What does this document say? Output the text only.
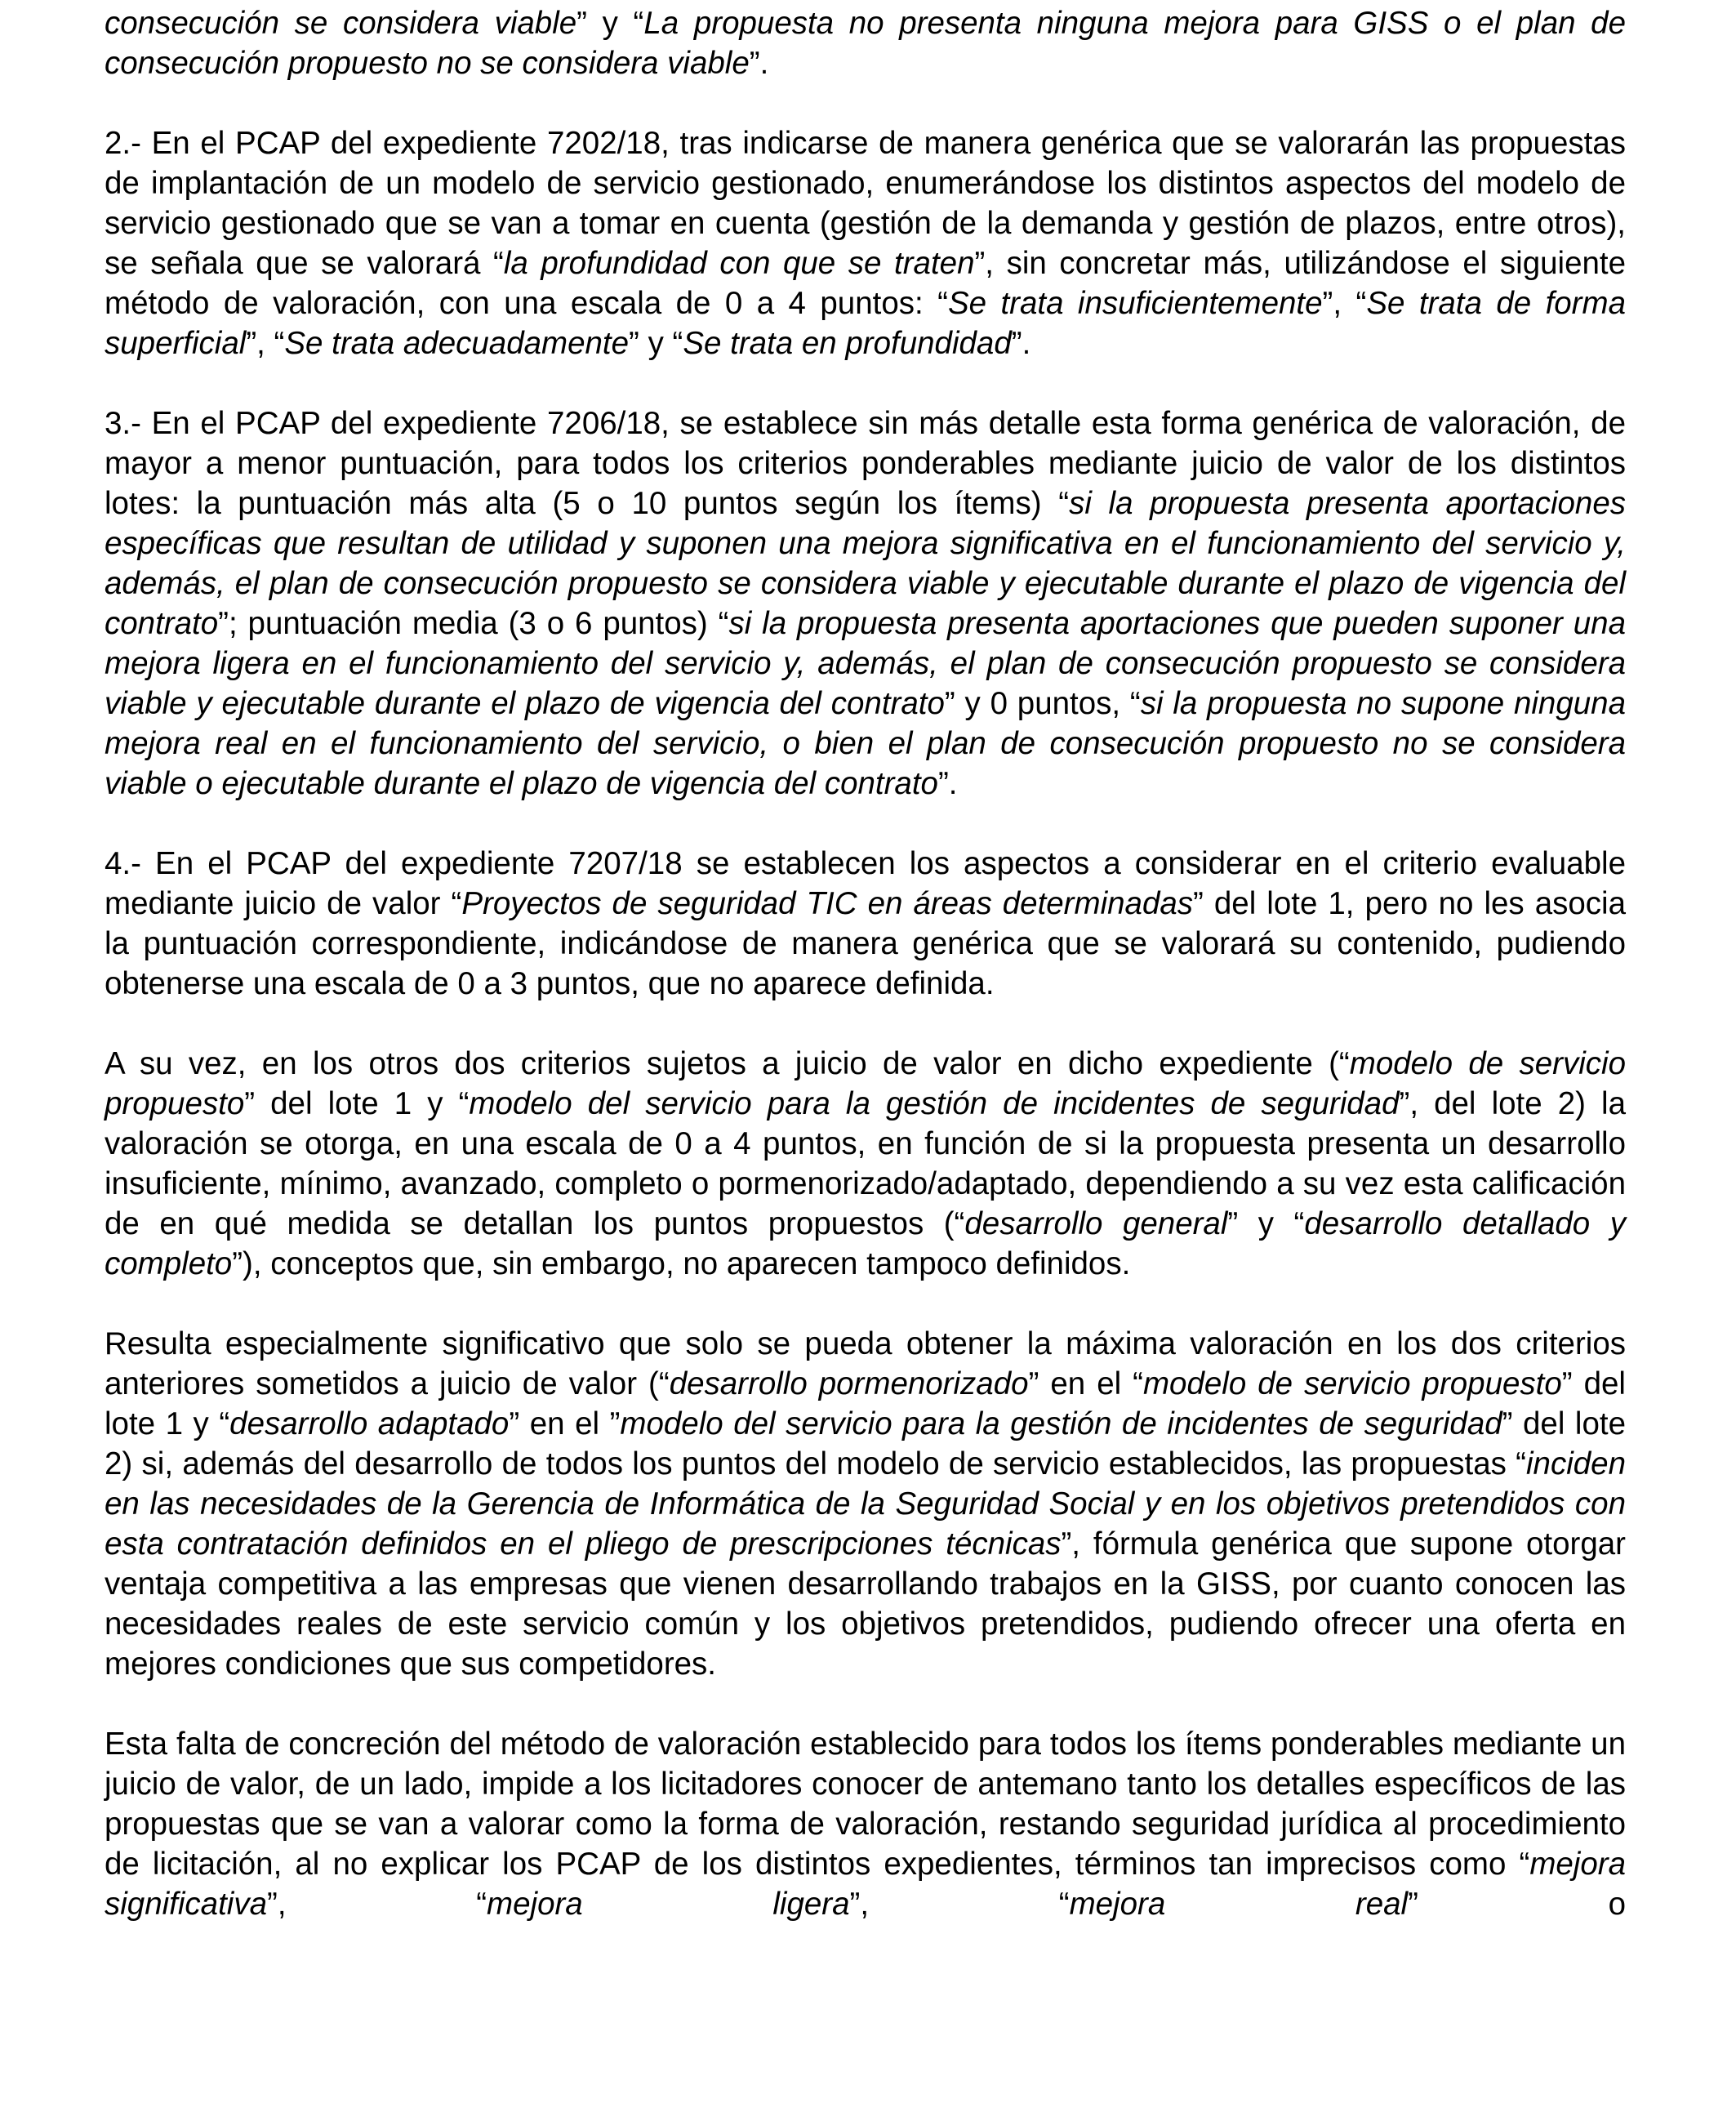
consecución se considera viable” y “La propuesta no presenta ninguna mejora para GISS o el plan de consecución propuesto no se considera viable”.

2.- En el PCAP del expediente 7202/18, tras indicarse de manera genérica que se valorarán las propuestas de implantación de un modelo de servicio gestionado, enumerándose los distintos aspectos del modelo de servicio gestionado que se van a tomar en cuenta (gestión de la demanda y gestión de plazos, entre otros), se señala que se valorará “la profundidad con que se traten”, sin concretar más, utilizándose el siguiente método de valoración, con una escala de 0 a 4 puntos: “Se trata insuficientemente”, “Se trata de forma superficial”, “Se trata adecuadamente” y “Se trata en profundidad”.

3.- En el PCAP del expediente 7206/18, se establece sin más detalle esta forma genérica de valoración, de mayor a menor puntuación, para todos los criterios ponderables mediante juicio de valor de los distintos lotes: la puntuación más alta (5 o 10 puntos según los ítems) “si la propuesta presenta aportaciones específicas que resultan de utilidad y suponen una mejora significativa en el funcionamiento del servicio y, además, el plan de consecución propuesto se considera viable y ejecutable durante el plazo de vigencia del contrato”; puntuación media (3 o 6 puntos) “si la propuesta presenta aportaciones que pueden suponer una mejora ligera en el funcionamiento del servicio y, además, el plan de consecución propuesto se considera viable y ejecutable durante el plazo de vigencia del contrato” y 0 puntos, “si la propuesta no supone ninguna mejora real en el funcionamiento del servicio, o bien el plan de consecución propuesto no se considera viable o ejecutable durante el plazo de vigencia del contrato”.

4.- En el PCAP del expediente 7207/18 se establecen los aspectos a considerar en el criterio evaluable mediante juicio de valor “Proyectos de seguridad TIC en áreas determinadas” del lote 1, pero no les asocia la puntuación correspondiente, indicándose de manera genérica que se valorará su contenido, pudiendo obtenerse una escala de 0 a 3 puntos, que no aparece definida.

A su vez, en los otros dos criterios sujetos a juicio de valor en dicho expediente (“modelo de servicio propuesto” del lote 1 y “modelo del servicio para la gestión de incidentes de seguridad”, del lote 2) la valoración se otorga, en una escala de 0 a 4 puntos, en función de si la propuesta presenta un desarrollo insuficiente, mínimo, avanzado, completo o pormenorizado/adaptado, dependiendo a su vez esta calificación de en qué medida se detallan los puntos propuestos (“desarrollo general” y “desarrollo detallado y completo”), conceptos que, sin embargo, no aparecen tampoco definidos.

Resulta especialmente significativo que solo se pueda obtener la máxima valoración en los dos criterios anteriores sometidos a juicio de valor (“desarrollo pormenorizado” en el “modelo de servicio propuesto” del lote 1 y “desarrollo adaptado” en el ”modelo del servicio para la gestión de incidentes de seguridad” del lote 2) si, además del desarrollo de todos los puntos del modelo de servicio establecidos, las propuestas “inciden en las necesidades de la Gerencia de Informática de la Seguridad Social y en los objetivos pretendidos con esta contratación definidos en el pliego de prescripciones técnicas”, fórmula genérica que supone otorgar ventaja competitiva a las empresas que vienen desarrollando trabajos en la GISS, por cuanto conocen las necesidades reales de este servicio común y los objetivos pretendidos, pudiendo ofrecer una oferta en mejores condiciones que sus competidores.

Esta falta de concreción del método de valoración establecido para todos los ítems ponderables mediante un juicio de valor, de un lado, impide a los licitadores conocer de antemano tanto los detalles específicos de las propuestas que se van a valorar como la forma de valoración, restando seguridad jurídica al procedimiento de licitación, al no explicar los PCAP de los distintos expedientes, términos tan imprecisos como “mejora significativa”, “mejora ligera”, “mejora real” o
